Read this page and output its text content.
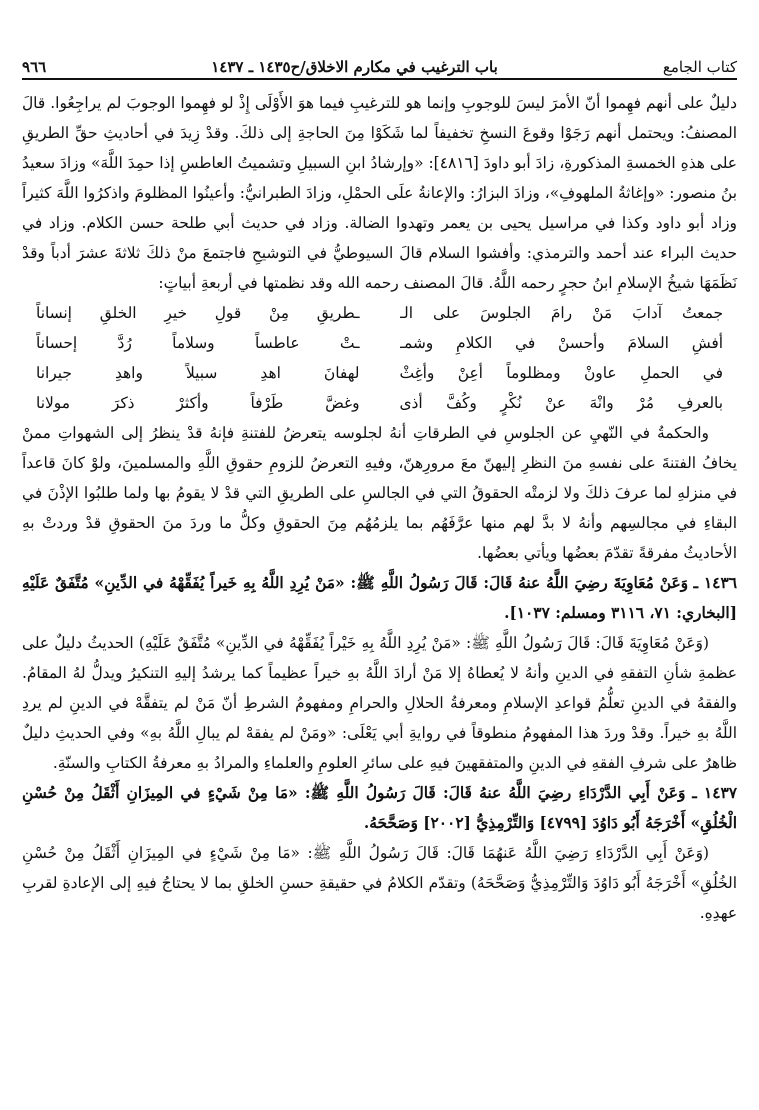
كتاب الجامع
باب الترغيب في مكارم الاخلاق/ح١٤٣٥ ـ ١٤٣٧
٩٦٦

دليلٌ على أنهم فهِموا أنّ الأمرَ ليسَ للوجوبِ وإنما هو للترغيبِ فيما هوَ الأَوْلَى إِذْ لو فهِموا الوجوبَ لم يراجِعُوا. قالَ المصنفُ: ويحتمل أنهم رَجَوْا وقوعَ النسخِ تخفيفاً لما شَكَوْا مِنَ الحاجةِ إلى ذلكَ. وقدْ زِيدَ في أحاديثِ حقِّ الطريقِ على هذهِ الخمسةِ المذكورةِ، زادَ أبو داودَ [٤٨١٦]: «وإرشادُ ابنِ السبيلِ وتشميتُ العاطسِ إذا حمِدَ اللَّهَ» وزادَ سعيدُ بنُ منصور: «وإغاثةُ الملهوفِ»، وزادَ البزارُ: والإعانةُ علَى الحمْلِ، وزادَ الطبرانيُّ: وأعينُوا المظلومَ واذكرُوا اللَّهَ كثيراً وزاد أبو داود وكذا في مراسيل يحيى بن يعمر وتهدوا الضالة. وزاد في حديث أبي طلحة حسن الكلام. وزاد في حديث البراء عند أحمد والترمذي: وأفشوا السلام قالَ السيوطيُّ في التوشيحِ فاجتمعَ منْ ذلكَ ثلاثةَ عشرَ أدباً وقدْ نَظَمَهَا شيخُ الإسلامِ ابنُ حجرٍ رحمه اللَّهُ. قالَ المصنف رحمه الله وقد نظمتها في أربعةِ أبياتٍ:

جمعتُ آدابَ مَنْ رامَ الجلوسَ على الـ
ـطريقِ مِنْ قولِ خيرِ الخلقِ إنساناً
أفشِ السلامَ وأحسنْ في الكلامِ وشمـ
ـتْ عاطساً وسلاماً رُدَّ إحساناً
في الحملِ عاونْ ومظلوماً أعِنْ وأغِثْ
لهفانَ اهدِ سبيلاً واهدِ جيرانا
بالعرفِ مُرْ وانْهَ عنْ نُكْرٍ وكُفَّ أذى
وغضَّ طَرْفاً وأكثرْ ذكرَ مولانا

والحكمةُ في النّهيِ عن الجلوسِ في الطرقاتِ أنهُ لجلوسه يتعرضُ للفتنةِ فإنهُ قدْ ينظرُ إلى الشهواتِ ممنْ يخافُ الفتنةَ على نفسهِ منَ النظرِ إليهنّ معَ مرورِهنّ، وفيهِ التعرضُ للزومِ حقوقِ اللَّهِ والمسلمينَ، ولوْ كانَ قاعداً في منزلهِ لما عرفَ ذلكَ ولا لزمتْه الحقوقُ التي في الجالسِ على الطريقِ التي قدْ لا يقومُ بها ولما طلبُوا الإذْنَ في البقاءِ في مجالسِهم وأنهُ لا بدَّ لهم منها عرَّفَهُم بما يلزمُهُم مِنَ الحقوقِ وكلُّ ما وردَ منَ الحقوقِ قدْ وردتْ بهِ الأحاديثُ مفرقةً تقدّمَ بعضُها ويأتي بعضُها.

١٤٣٦ ـ وَعَنْ مُعَاوِيَةَ رضِيَ اللَّهُ عنهُ قَالَ: قَالَ رَسُولُ اللَّهِ ﷺ: «مَنْ يُرِدِ اللَّهُ بِهِ خَيراً يُفَقِّهْهُ في الدِّينِ» مُتَّفَقٌ عَلَيْهِ [البخاري: ٧١، ٣١١٦ ومسلم: ١٠٣٧].

(وَعَنْ مُعَاوِيَةَ قَالَ: قَالَ رَسُولُ اللَّهِ ﷺ: «مَنْ يُرِدِ اللَّهُ بِهِ خَيْراً يُفَقِّهْهُ في الدِّينِ» مُتَّفَقٌ عَلَيْهِ) الحديثُ دليلٌ على عظمةِ شأنِ التفقهِ في الدينِ وأنهُ لا يُعطاهُ إلا مَنْ أرادَ اللَّهُ بهِ خيراً عظيماً كما يرشدُ إليهِ التنكيرُ ويدلُّ لهُ المقامُ. والفقهُ في الدينِ تعلُّمُ قواعدِ الإسلامِ ومعرفةُ الحلالِ والحرامِ ومفهومُ الشرطِ أنّ مَنْ لم يتفقَّهْ في الدينِ لم يردِ اللَّهُ بهِ خيراً. وقدْ وردَ هذا المفهومُ منطوقاً في روايةِ أبي يَعْلَى: «ومَنْ لم يفقهْ لم يبالِ اللَّهُ بهِ» وفي الحديثِ دليلٌ ظاهرٌ على شرفِ الفقهِ في الدينِ والمتفقهينَ فيهِ على سائرِ العلومِ والعلماءِ والمرادُ بهِ معرفةُ الكتابِ والسنّةِ.

١٤٣٧ ـ وَعَنْ أَبِي الدَّرْدَاءِ رضِيَ اللَّهُ عنهُ قَالَ: قَالَ رَسُولُ اللَّهِ ﷺ: «مَا مِنْ شَيْءٍ في المِيزَانِ أَثْقَلُ مِنْ حُسْنِ الْخُلُقِ» أَخْرَجَهُ أَبُو دَاوُدَ [٤٧٩٩] وَالتِّرْمِذِيُّ [٢٠٠٢] وَصَحَّحَهُ.

(وَعَنْ أَبِي الدَّرْدَاءِ رَضِيَ اللَّهُ عَنهُمَا قَالَ: قَالَ رَسُولُ اللَّهِ ﷺ: «مَا مِنْ شَيْءٍ في المِيزَانِ أَثْقَلُ مِنْ حُسْنِ الخُلُقِ» أَخْرَجَهُ أَبُو دَاوُدَ وَالتِّرْمِذِيُّ وَصَحَّحَهُ) وتقدّم الكلامُ في حقيقةِ حسنِ الخلقِ بما لا يحتاجُ فيهِ إلى الإعادةِ لقربِ عهدِهِ.
